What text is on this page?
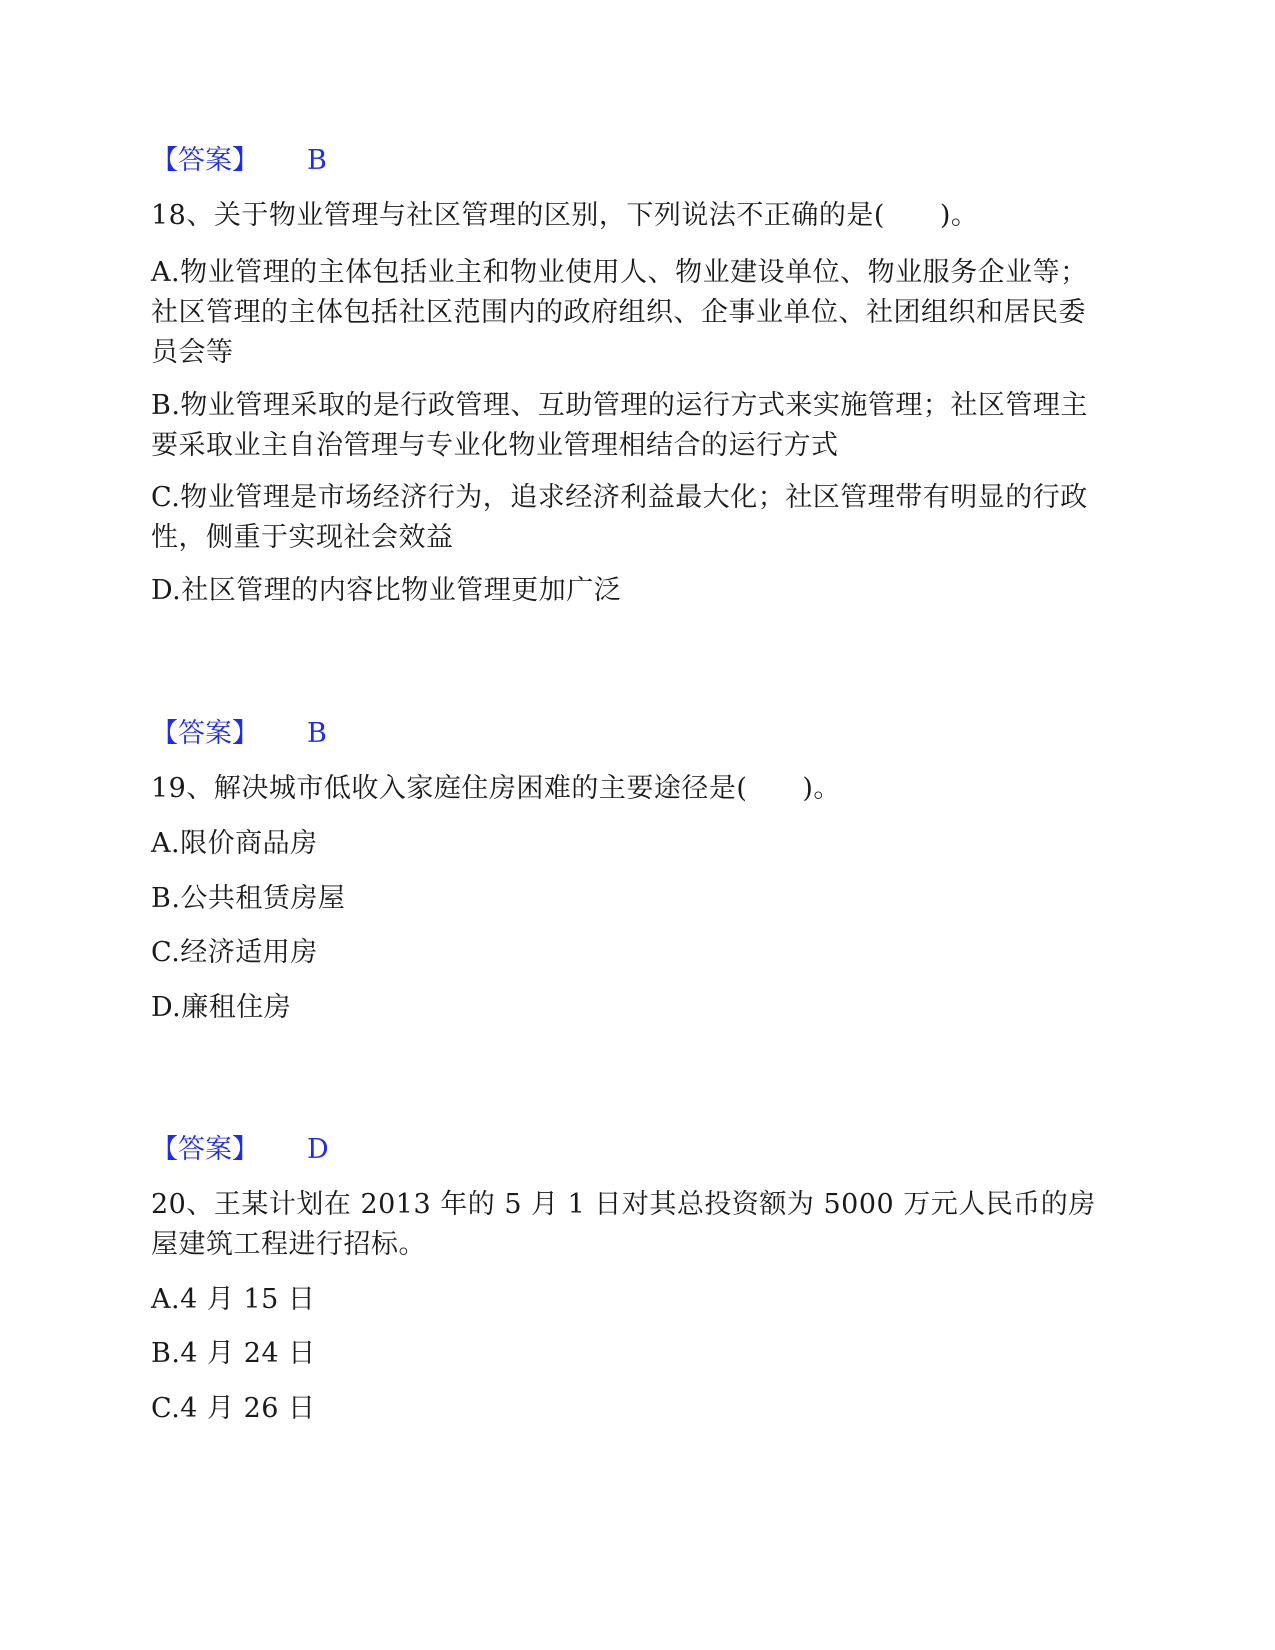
【答案】 B
18、关于物业管理与社区管理的区别，下列说法不正确的是(　　)。
A.物业管理的主体包括业主和物业使用人、物业建设单位、物业服务企业等；社区管理的主体包括社区范围内的政府组织、企事业单位、社团组织和居民委员会等
B.物业管理采取的是行政管理、互助管理的运行方式来实施管理；社区管理主要采取业主自治管理与专业化物业管理相结合的运行方式
C.物业管理是市场经济行为，追求经济利益最大化；社区管理带有明显的行政性，侧重于实现社会效益
D.社区管理的内容比物业管理更加广泛
【答案】 B
19、解决城市低收入家庭住房困难的主要途径是(　　)。
A.限价商品房
B.公共租赁房屋
C.经济适用房
D.廉租住房
【答案】 D
20、王某计划在 2013 年的 5 月 1 日对其总投资额为 5000 万元人民币的房屋建筑工程进行招标。
A.4 月 15 日
B.4 月 24 日
C.4 月 26 日
